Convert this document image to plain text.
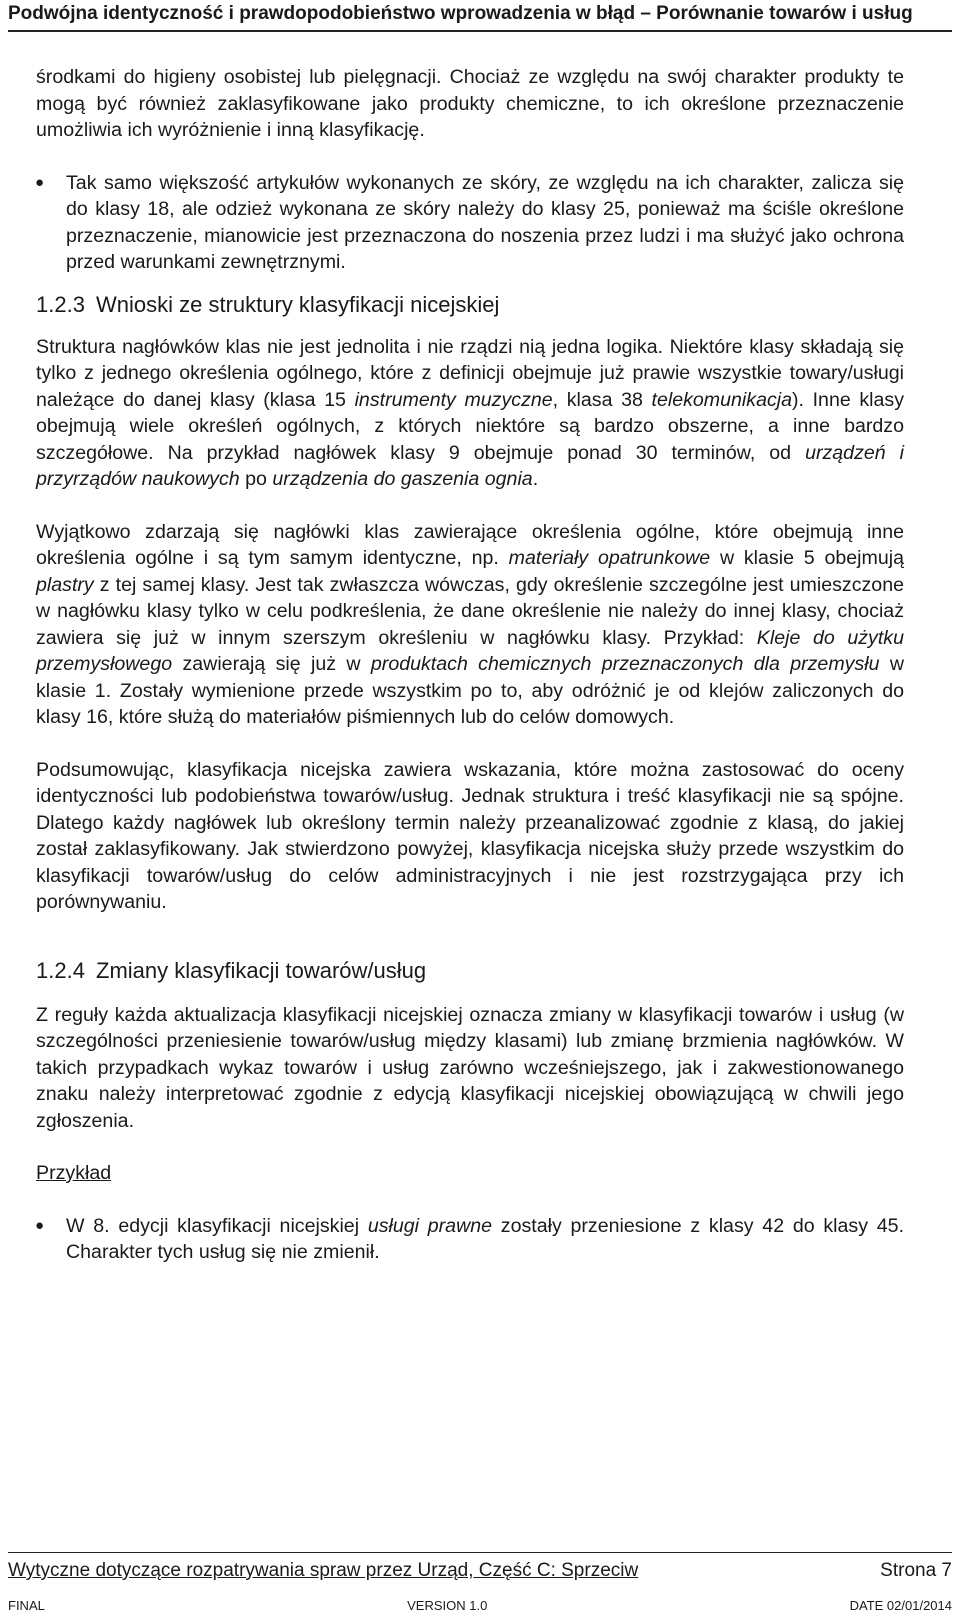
Podwójna identyczność i prawdopodobieństwo wprowadzenia w błąd – Porównanie towarów i usług

środkami do higieny osobistej lub pielęgnacji. Chociaż ze względu na swój charakter produkty te mogą być również zaklasyfikowane jako produkty chemiczne, to ich określone przeznaczenie umożliwia ich wyróżnienie i inną klasyfikację.

● Tak samo większość artykułów wykonanych ze skóry, ze względu na ich charakter, zalicza się do klasy 18, ale odzież wykonana ze skóry należy do klasy 25, ponieważ ma ściśle określone przeznaczenie, mianowicie jest przeznaczona do noszenia przez ludzi i ma służyć jako ochrona przed warunkami zewnętrznymi.

1.2.3 Wnioski ze struktury klasyfikacji nicejskiej

Struktura nagłówków klas nie jest jednolita i nie rządzi nią jedna logika. Niektóre klasy składają się tylko z jednego określenia ogólnego, które z definicji obejmuje już prawie wszystkie towary/usługi należące do danej klasy (klasa 15 instrumenty muzyczne, klasa 38 telekomunikacja). Inne klasy obejmują wiele określeń ogólnych, z których niektóre są bardzo obszerne, a inne bardzo szczegółowe. Na przykład nagłówek klasy 9 obejmuje ponad 30 terminów, od urządzeń i przyrządów naukowych po urządzenia do gaszenia ognia.

Wyjątkowo zdarzają się nagłówki klas zawierające określenia ogólne, które obejmują inne określenia ogólne i są tym samym identyczne, np. materiały opatrunkowe w klasie 5 obejmują plastry z tej samej klasy. Jest tak zwłaszcza wówczas, gdy określenie szczególne jest umieszczone w nagłówku klasy tylko w celu podkreślenia, że dane określenie nie należy do innej klasy, chociaż zawiera się już w innym szerszym określeniu w nagłówku klasy. Przykład: Kleje do użytku przemysłowego zawierają się już w produktach chemicznych przeznaczonych dla przemysłu w klasie 1. Zostały wymienione przede wszystkim po to, aby odróżnić je od klejów zaliczonych do klasy 16, które służą do materiałów piśmiennych lub do celów domowych.

Podsumowując, klasyfikacja nicejska zawiera wskazania, które można zastosować do oceny identyczności lub podobieństwa towarów/usług. Jednak struktura i treść klasyfikacji nie są spójne. Dlatego każdy nagłówek lub określony termin należy przeanalizować zgodnie z klasą, do jakiej został zaklasyfikowany. Jak stwierdzono powyżej, klasyfikacja nicejska służy przede wszystkim do klasyfikacji towarów/usług do celów administracyjnych i nie jest rozstrzygająca przy ich porównywaniu.

1.2.4 Zmiany klasyfikacji towarów/usług

Z reguły każda aktualizacja klasyfikacji nicejskiej oznacza zmiany w klasyfikacji towarów i usług (w szczególności przeniesienie towarów/usług między klasami) lub zmianę brzmienia nagłówków. W takich przypadkach wykaz towarów i usług zarówno wcześniejszego, jak i zakwestionowanego znaku należy interpretować zgodnie z edycją klasyfikacji nicejskiej obowiązującą w chwili jego zgłoszenia.

Przykład

● W 8. edycji klasyfikacji nicejskiej usługi prawne zostały przeniesione z klasy 42 do klasy 45. Charakter tych usług się nie zmienił.

Wytyczne dotyczące rozpatrywania spraw przez Urząd, Część C: Sprzeciw	Strona 7
FINAL	VERSION 1.0	DATE 02/01/2014
